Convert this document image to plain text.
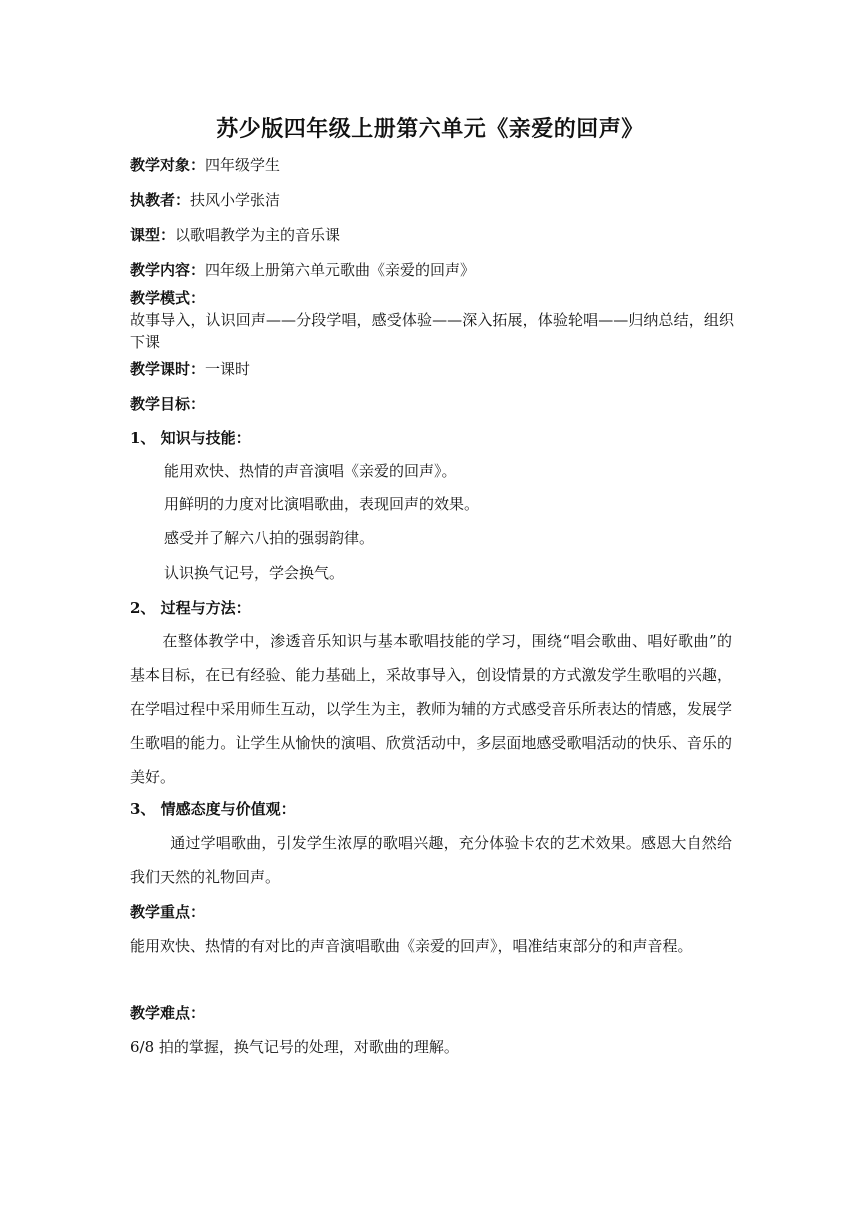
苏少版四年级上册第六单元《亲爱的回声》
教学对象：四年级学生
执教者：扶风小学张洁
课型：以歌唱教学为主的音乐课
教学内容：四年级上册第六单元歌曲《亲爱的回声》
教学模式：
故事导入，认识回声——分段学唱，感受体验——深入拓展，体验轮唱——归纳总结，组织下课
教学课时：一课时
教学目标：
1、 知识与技能：
能用欢快、热情的声音演唱《亲爱的回声》。
用鲜明的力度对比演唱歌曲，表现回声的效果。
感受并了解六八拍的强弱韵律。
认识换气记号，学会换气。
2、 过程与方法：
在整体教学中，渗透音乐知识与基本歌唱技能的学习，围绕“唱会歌曲、唱好歌曲”的基本目标，在已有经验、能力基础上，采故事导入，创设情景的方式激发学生歌唱的兴趣，在学唱过程中采用师生互动，以学生为主，教师为辅的方式感受音乐所表达的情感，发展学生歌唱的能力。让学生从愉快的演唱、欣赏活动中，多层面地感受歌唱活动的快乐、音乐的美好。
3、 情感态度与价值观：
通过学唱歌曲，引发学生浓厚的歌唱兴趣，充分体验卡农的艺术效果。感恩大自然给我们天然的礼物回声。
教学重点：
能用欢快、热情的有对比的声音演唱歌曲《亲爱的回声》，唱准结束部分的和声音程。
教学难点：
6/8 拍的掌握，换气记号的处理，对歌曲的理解。
